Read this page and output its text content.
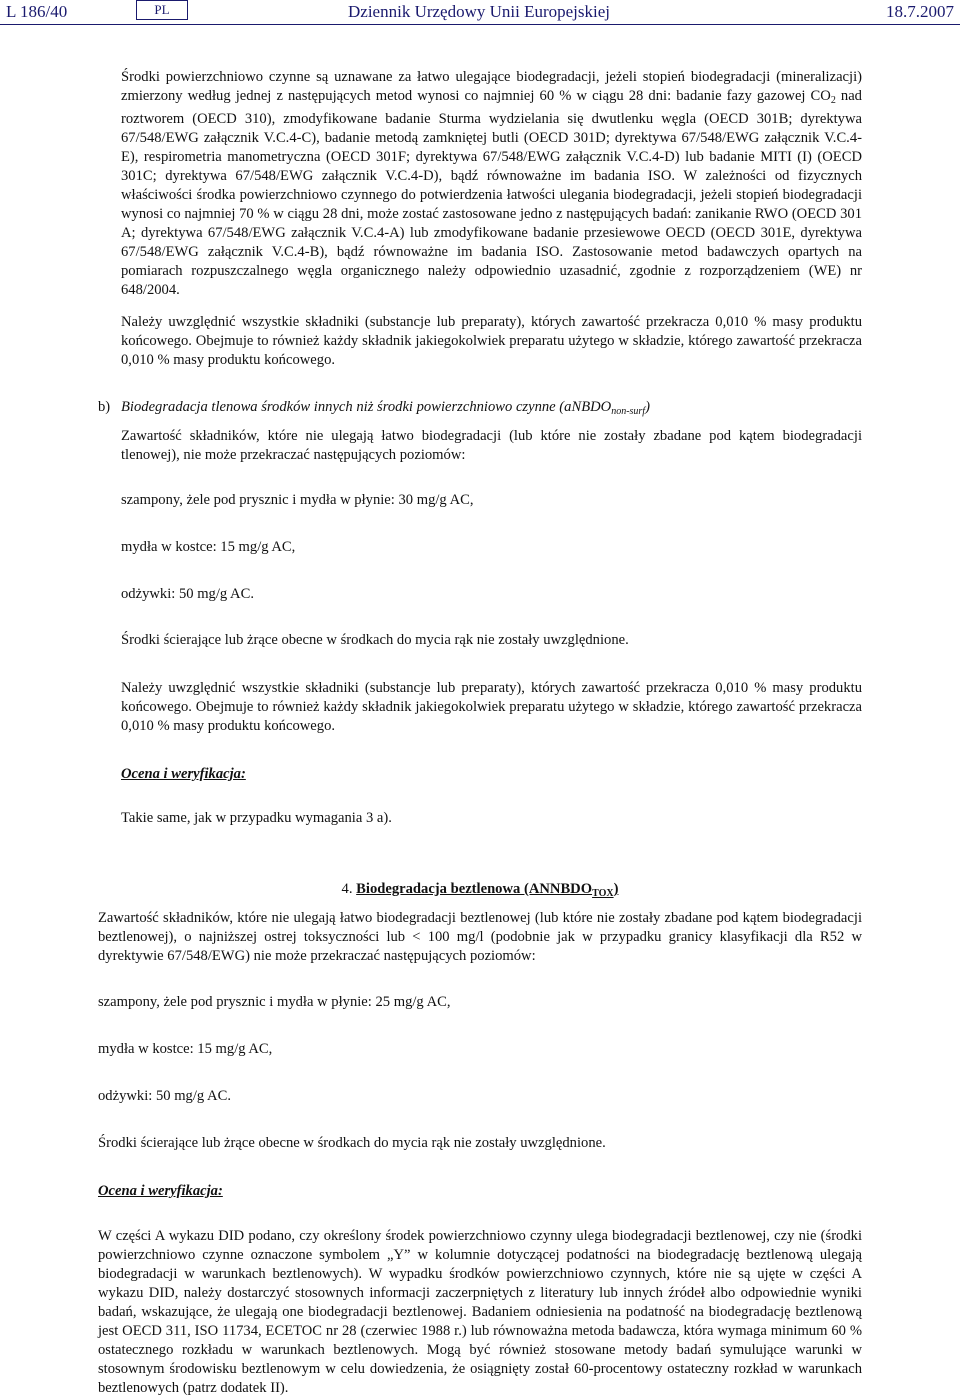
L 186/40	PL	Dziennik Urzędowy Unii Europejskiej	18.7.2007
Środki powierzchniowo czynne są uznawane za łatwo ulegające biodegradacji, jeżeli stopień biodegradacji (mineralizacji) zmierzony według jednej z następujących metod wynosi co najmniej 60 % w ciągu 28 dni: badanie fazy gazowej $CO_2$ nad roztworem (OECD 310), zmodyfikowane badanie Sturma wydzielania się dwutlenku węgla (OECD 301B; dyrektywa 67/548/EWG załącznik V.C.4-C), badanie metodą zamkniętej butli (OECD 301D; dyrektywa 67/548/EWG załącznik V.C.4-E), respirometria manometryczna (OECD 301F; dyrektywa 67/548/EWG załącznik V.C.4-D) lub badanie MITI (I) (OECD 301C; dyrektywa 67/548/EWG załącznik V.C.4-D), bądź równoważne im badania ISO. W zależności od fizycznych właściwości środka powierzchniowo czynnego do potwierdzenia łatwości ulegania biodegradacji, jeżeli stopień biodegradacji wynosi co najmniej 70 % w ciągu 28 dni, może zostać zastosowane jedno z następujących badań: zanikanie RWO (OECD 301 A; dyrektywa 67/548/EWG załącznik V.C.4-A) lub zmodyfikowane badanie przesiewowe OECD (OECD 301E, dyrektywa 67/548/EWG załącznik V.C.4-B), bądź równoważne im badania ISO. Zastosowanie metod badawczych opartych na pomiarach rozpuszczalnego węgla organicznego należy odpowiednio uzasadnić, zgodnie z rozporządzeniem (WE) nr 648/2004.
Należy uwzględnić wszystkie składniki (substancje lub preparaty), których zawartość przekracza 0,010 % masy produktu końcowego. Obejmuje to również każdy składnik jakiegokolwiek preparatu użytego w składzie, którego zawartość przekracza 0,010 % masy produktu końcowego.
b) Biodegradacja tlenowa środków innych niż środki powierzchniowo czynne (aNBDO$_{non-surf}$)
Zawartość składników, które nie ulegają łatwo biodegradacji (lub które nie zostały zbadane pod kątem biodegradacji tlenowej), nie może przekraczać następujących poziomów:
szampony, żele pod prysznic i mydła w płynie: 30 mg/g AC,
mydła w kostce: 15 mg/g AC,
odżywki: 50 mg/g AC.
Środki ścierające lub żrące obecne w środkach do mycia rąk nie zostały uwzględnione.
Należy uwzględnić wszystkie składniki (substancje lub preparaty), których zawartość przekracza 0,010 % masy produktu końcowego. Obejmuje to również każdy składnik jakiegokolwiek preparatu użytego w składzie, którego zawartość przekracza 0,010 % masy produktu końcowego.
Ocena i weryfikacja:
Takie same, jak w przypadku wymagania 3 a).
4. Biodegradacja beztlenowa $(ANNBDO_{TOX})$
Zawartość składników, które nie ulegają łatwo biodegradacji beztlenowej (lub które nie zostały zbadane pod kątem biodegradacji beztlenowej), o najniższej ostrej toksyczności lub < 100 mg/l (podobnie jak w przypadku granicy klasyfikacji dla R52 w dyrektywie 67/548/EWG) nie może przekraczać następujących poziomów:
szampony, żele pod prysznic i mydła w płynie: 25 mg/g AC,
mydła w kostce: 15 mg/g AC,
odżywki: 50 mg/g AC.
Środki ścierające lub żrące obecne w środkach do mycia rąk nie zostały uwzględnione.
Ocena i weryfikacja:
W części A wykazu DID podano, czy określony środek powierzchniowo czynny ulega biodegradacji beztlenowej, czy nie (środki powierzchniowo czynne oznaczone symbolem „Y” w kolumnie dotyczącej podatności na biodegradację beztlenową ulegają biodegradacji w warunkach beztlenowych). W wypadku środków powierzchniowo czynnych, które nie są ujęte w części A wykazu DID, należy dostarczyć stosownych informacji zaczerpniętych z literatury lub innych źródeł albo odpowiednie wyniki badań, wskazujące, że ulegają one biodegradacji beztlenowej. Badaniem odniesienia na podatność na biodegradację beztlenową jest OECD 311, ISO 11734, ECETOC nr 28 (czerwiec 1988 r.) lub równoważna metoda badawcza, która wymaga minimum 60 % ostatecznego rozkładu w warunkach beztlenowych. Mogą być również stosowane metody badań symulujące warunki w stosownym środowisku beztlenowym w celu dowiedzenia, że osiągnięty został 60-procentowy ostateczny rozkład w warunkach beztlenowych (patrz dodatek II).
